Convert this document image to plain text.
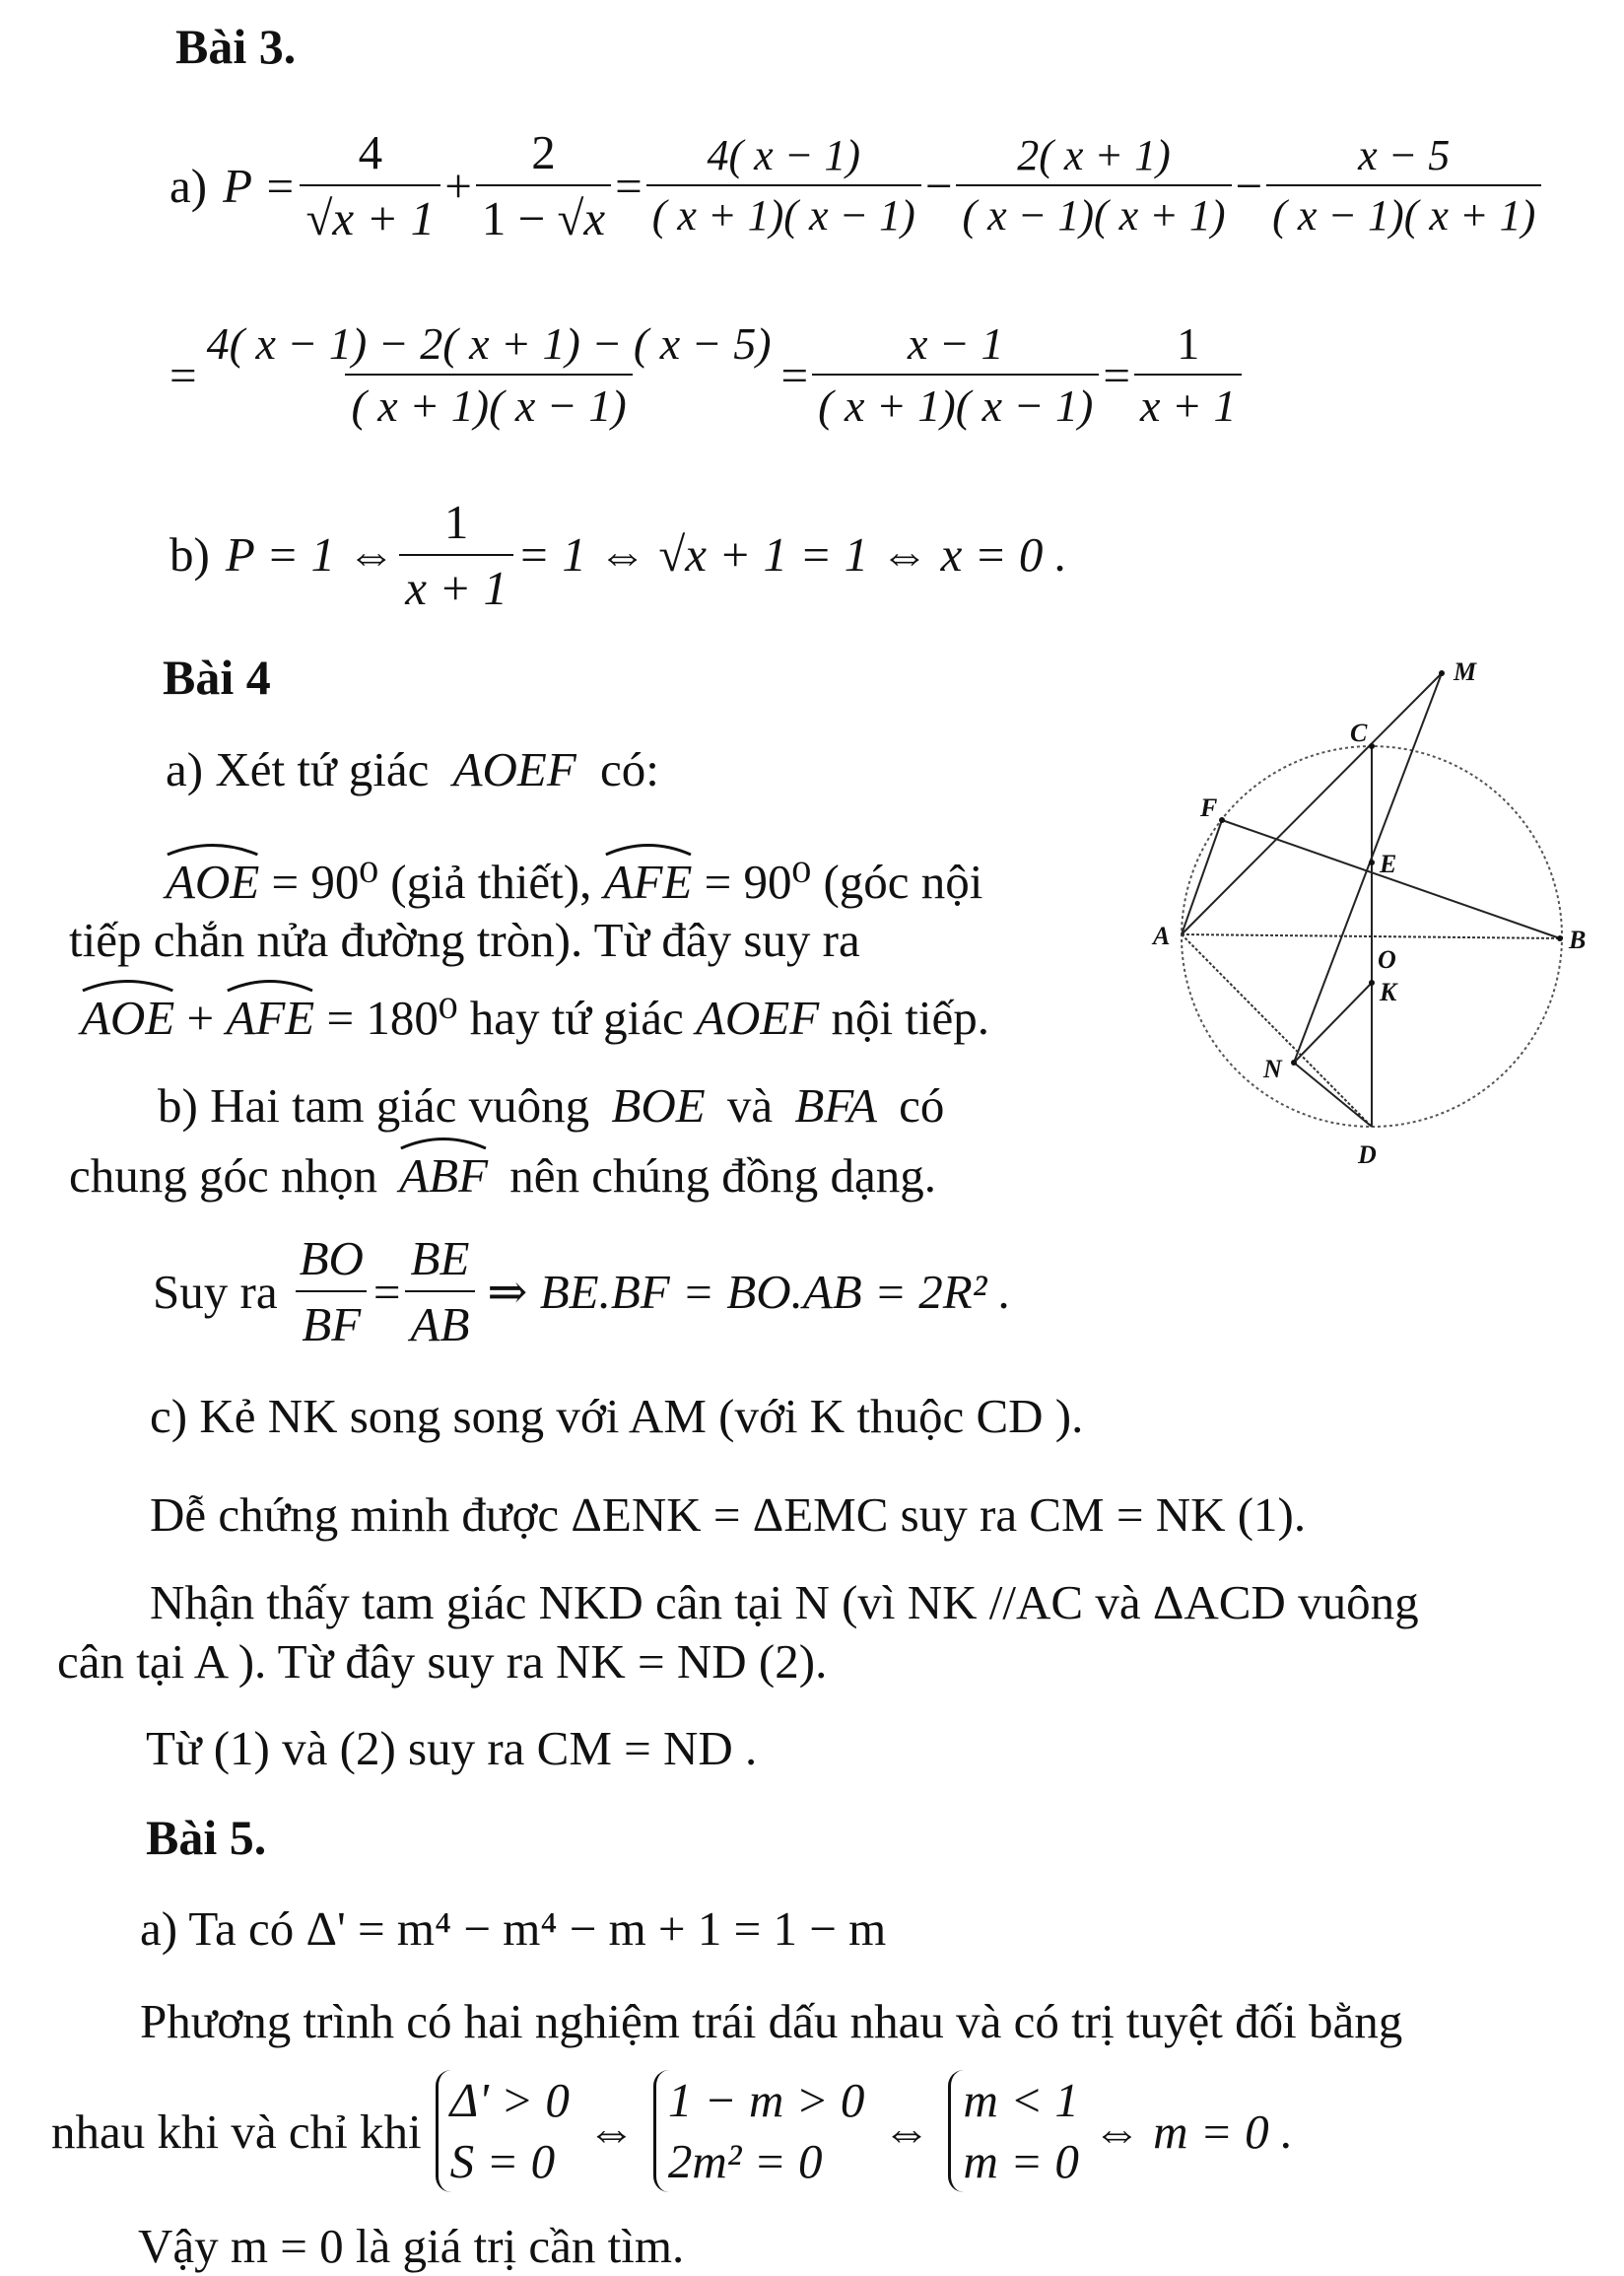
Bài 3.
a) $P = \frac{4}{√x + 1} + \frac{2}{1 - √x} = \frac{4( x - 1)}{( x + 1)( x - 1)} - \frac{2( x + 1)}{( x - 1)( x + 1)} - \frac{x - 5}{( x - 1)( x + 1)}$
= $\frac{4( x - 1) - 2( x + 1) - ( x - 5)}{( x + 1)( x - 1)} = \frac{x - 1}{( x + 1)( x - 1)} = \frac{1}{x + 1}$
b) P = 1 ⇔ $\frac{1}{x + 1} = 1$ ⇔ √x + 1 = 1 ⇔ x = 0 .
Bài 4
a) Xét tứ giác AOEF có:
AOE = 90⁰ (giả thiết), AFE = 90⁰ (góc nội
tiếp chắn nửa đường tròn). Từ đây suy ra
AOE + AFE = 180⁰ hay tứ giác AOEF nội tiếp.
b) Hai tam giác vuông BOE và BFA có
chung góc nhọn ABF nên chúng đồng dạng.
Suy ra $\frac{BO}{BF} = \frac{BE}{AB}$ ⇒ BE.BF = BO.AB = 2R² .
c) Kẻ NK song song với AM (với K thuộc CD ).
Dễ chứng minh được ΔENK = ΔEMC suy ra CM = NK (1).
Nhận thấy tam giác NKD cân tại N (vì NK //AC và ΔACD vuông
cân tại A ). Từ đây suy ra NK = ND (2).
Từ (1) và (2) suy ra CM = ND .
M
C
F
E
A	B
O
K
N
D
Bài 5.
a) Ta có Δ' = m⁴ − m⁴ − m + 1 = 1 − m
Phương trình có hai nghiệm trái dấu nhau và có trị tuyệt đối bằng
nhau khi và chỉ khi
Δ' > 0
S = 0
⇔
1 − m > 0
2m² = 0
⇔
m < 1
m = 0
⇔ m = 0 .
Vậy m = 0 là giá trị cần tìm.
